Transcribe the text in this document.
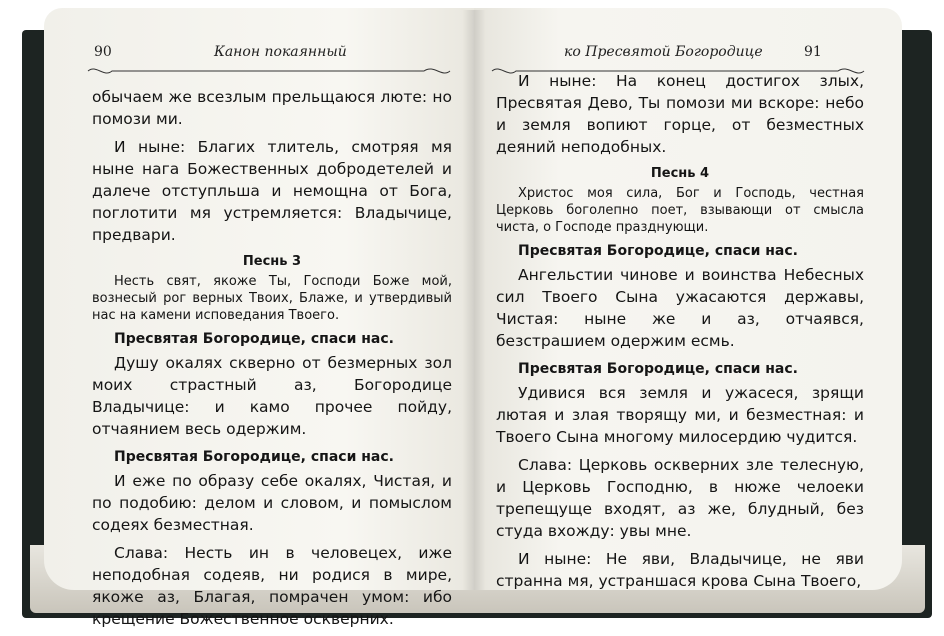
90	Канон покаянный

обычаем же всезлым прельщаюся люте: но помози ми.

И ныне: Благих тлитель, смотряя мя ныне нага Божественных добродетелей и далече отступльша и немощна от Бога, поглотити мя устремляется: Владычице, предвари.

Песнь 3

Несть свят, якоже Ты, Господи Боже мой, вознесый рог верных Твоих, Блаже, и утвердивый нас на камени исповедания Твоего.

Пресвятая Богородице, спаси нас.

Душу окалях скверно от безмерных зол моих страстный аз, Богородице Владычице: и камо прочее пойду, отчаянием весь одержим.

Пресвятая Богородице, спаси нас.

И еже по образу себе окалях, Чистая, и по подобию: делом и словом, и помыслом содеях безместная.

Слава: Несть ин в человецех, иже неподобная содеяв, ни родися в мире, якоже аз, Благая, помрачен умом: ибо крещение Божественное оскверних.

ко Пресвятой Богородице	91

И ныне: На конец достигох злых, Пресвятая Дево, Ты помози ми вскоре: небо и земля вопиют горце, от безместных деяний неподобных.

Песнь 4

Христос моя сила, Бог и Господь, честная Церковь боголепно поет, взывающи от смысла чиста, о Господе празднующи.

Пресвятая Богородице, спаси нас.

Ангельстии чинове и воинства Небесных сил Твоего Сына ужасаются державы, Чистая: ныне же и аз, отчаявся, безстрашием одержим есмь.

Пресвятая Богородице, спаси нас.

Удивися вся земля и ужасеся, зрящи лютая и злая творящу ми, и безместная: и Твоего Сына многому милосердию чудится.

Слава: Церковь оскверних зле телесную, и Церковь Господню, в нюже челоеки трепещуще входят, аз же, блудный, без студа вхожду: увы мне.

И ныне: Не яви, Владычице, не яви странна мя, устраншася крова Сына Твоего,
